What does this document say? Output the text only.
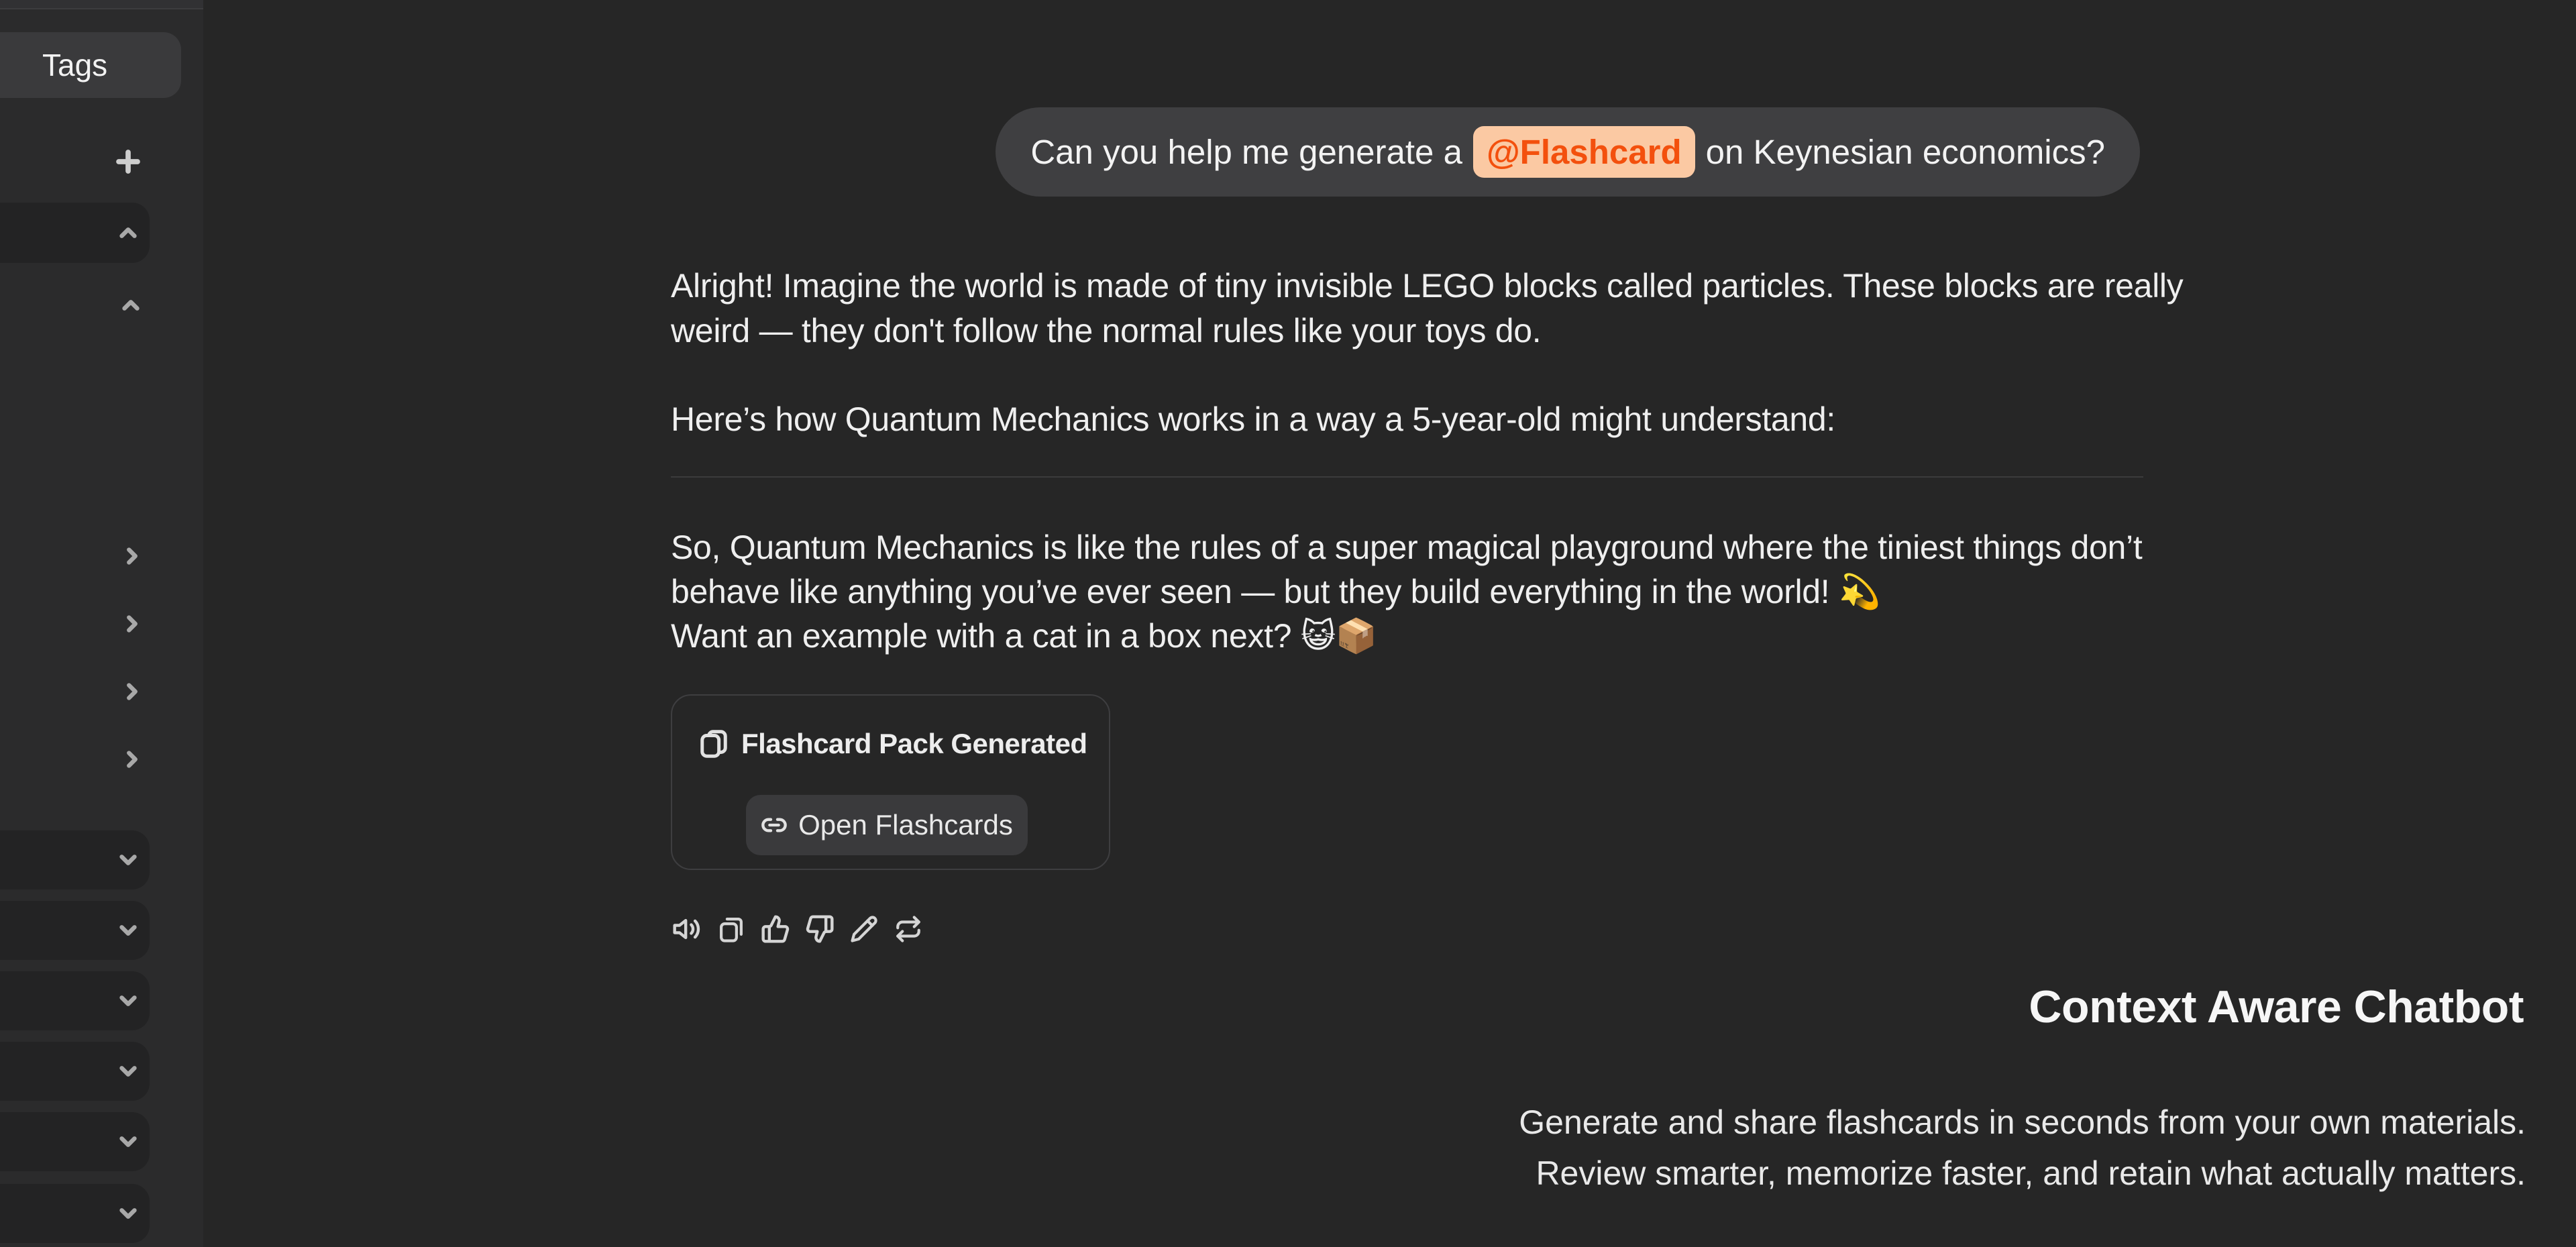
Tags
Can you help me generate a @Flashcard on Keynesian economics?
Alright! Imagine the world is made of tiny invisible LEGO blocks called particles. These blocks are really
weird — they don't follow the normal rules like your toys do.
Here’s how Quantum Mechanics works in a way a 5-year-old might understand:
So, Quantum Mechanics is like the rules of a super magical playground where the tiniest things don’t
behave like anything you’ve ever seen — but they build everything in the world! 💫
Want an example with a cat in a box next? 😺📦
Flashcard Pack Generated
Open Flashcards
Context Aware Chatbot
Generate and share flashcards in seconds from your own materials.
Review smarter, memorize faster, and retain what actually matters.
